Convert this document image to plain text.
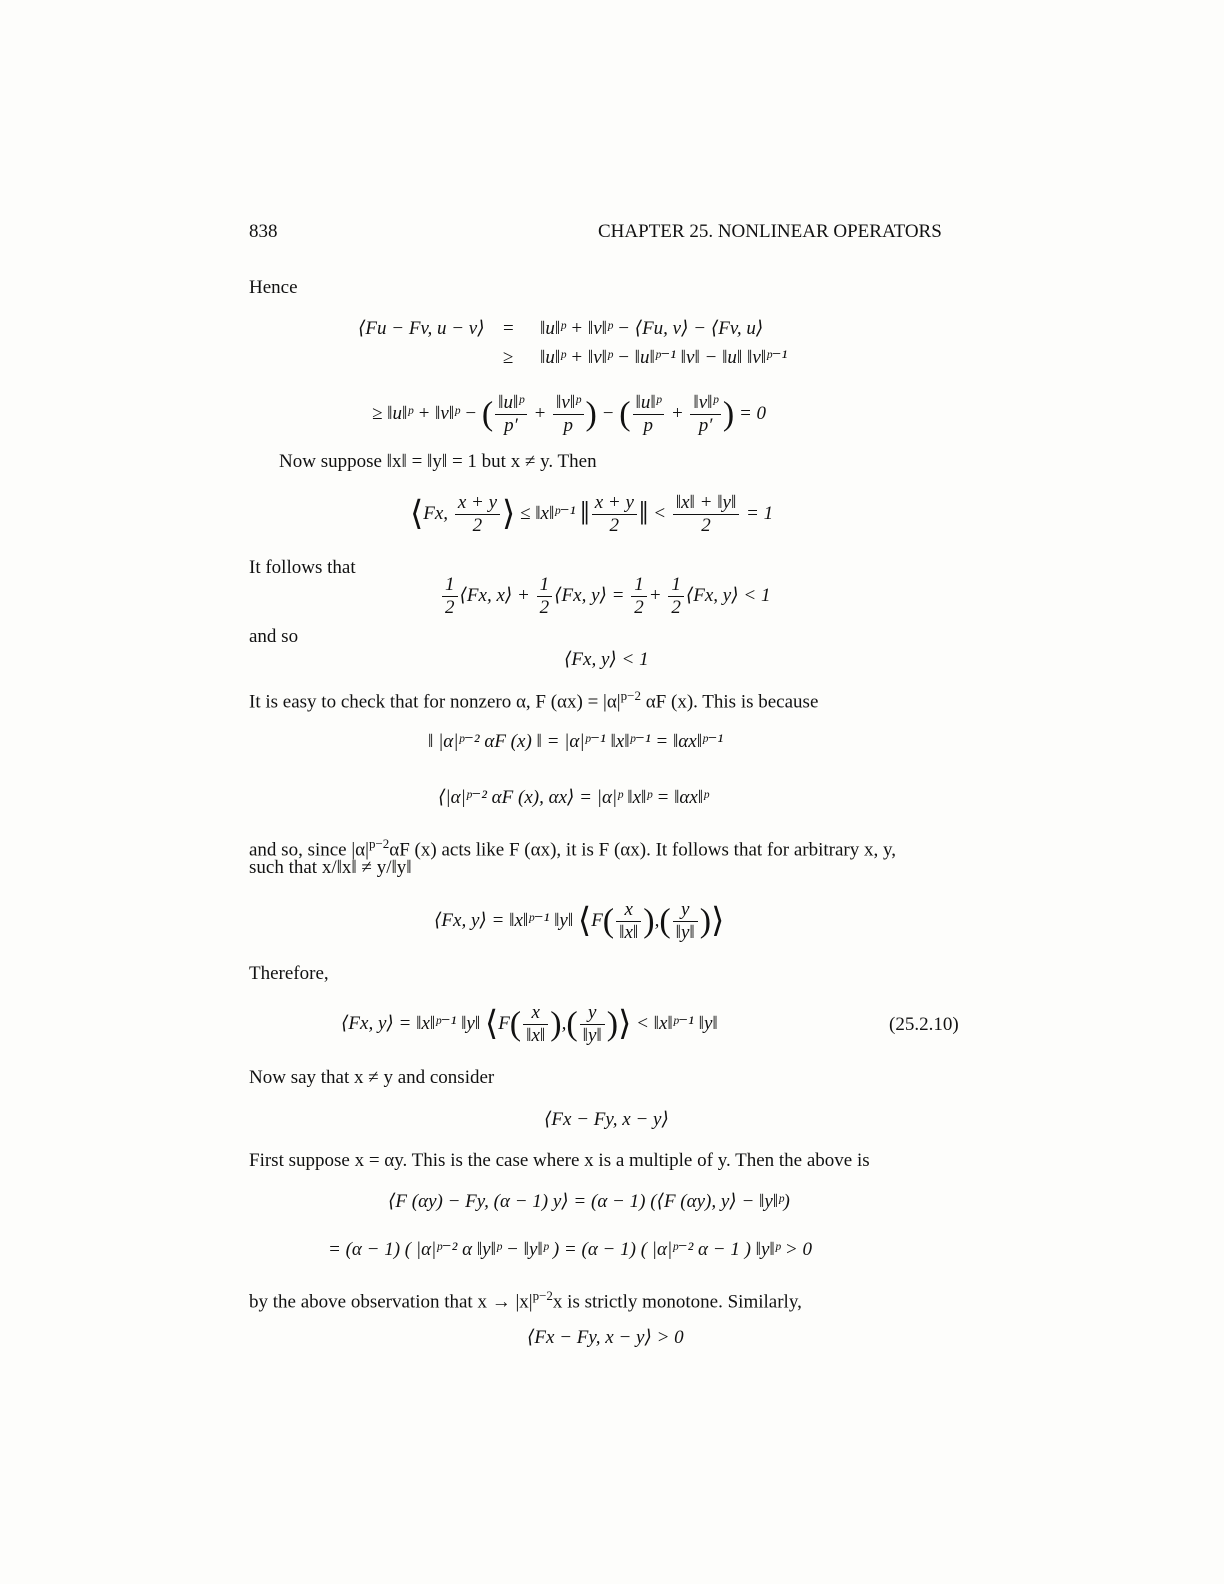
838	CHAPTER 25. NONLINEAR OPERATORS
Hence
⟨Fu − Fv, u − v⟩ = ‖u‖ᵖ + ‖v‖ᵖ − ⟨Fu, v⟩ − ⟨Fv, u⟩
≥ ‖u‖ᵖ + ‖v‖ᵖ − ‖u‖ᵖ⁻¹ ‖v‖ − ‖u‖ ‖v‖ᵖ⁻¹
≥ ‖u‖ᵖ + ‖v‖ᵖ − ( $\frac{\text{‖u‖ᵖ}}{p'} + \frac{\text{‖v‖ᵖ}}{p}$ ) − ( $\frac{\text{‖u‖ᵖ}}{p} + \frac{\text{‖v‖ᵖ}}{p'}$ ) = 0
Now suppose ‖x‖ = ‖y‖ = 1 but x ≠ y. Then
⟨Fx, $\frac{x + y}{2}$ ⟩ ≤ ‖x‖ᵖ⁻¹ ‖ $\frac{x + y}{2}$ ‖ < $\frac{‖x‖ + ‖y‖}{2} = 1$
It follows that
$\frac{1}{2}$ ⟨Fx, x⟩ + $\frac{1}{2}$ ⟨Fx, y⟩ = $\frac{1}{2} + \frac{1}{2}$ ⟨Fx, y⟩ < 1
and so
⟨Fx, y⟩ < 1
It is easy to check that for nonzero α, F $(\alpha x) = |\alpha|^{p-2}$ αF (x). This is because
‖ |α|ᵖ⁻² αF (x) ‖ = |α|ᵖ⁻¹ ‖x‖ᵖ⁻¹ = ‖αx‖ᵖ⁻¹
⟨|α|ᵖ⁻² αF (x), αx⟩ = |α|ᵖ ‖x‖ᵖ = ‖αx‖ᵖ
and so, since $|\alpha|^{p-2}\alpha F$ (x) acts like F (αx), it is F (αx). It follows that for arbitrary x, y,
such that x/‖x‖ ≠ y/‖y‖
⟨Fx, y⟩ = ‖x‖ᵖ⁻¹ ‖y‖ ⟨F( $\frac{x}{‖x‖}$ ),( $\frac{y}{‖y‖}$ )⟩
Therefore,
⟨Fx, y⟩ = ‖x‖ᵖ⁻¹ ‖y‖ ⟨F( $\frac{x}{‖x‖}$ ),( $\frac{y}{‖y‖}$ )⟩ < ‖x‖ᵖ⁻¹ ‖y‖	(25.2.10)
Now say that x ≠ y and consider
⟨Fx − Fy, x − y⟩
First suppose x = αy. This is the case where x is a multiple of y. Then the above is
⟨F (αy) − Fy, (α − 1) y⟩ = (α − 1) (⟨F (αy), y⟩ − ‖y‖ᵖ)
= (α − 1) ( |α|ᵖ⁻² α ‖y‖ᵖ − ‖y‖ᵖ ) = (α − 1) ( |α|ᵖ⁻² α − 1 ) ‖y‖ᵖ > 0
by the above observation that $x \to |x|^{p-2}x$ is strictly monotone. Similarly,
⟨Fx − Fy, x − y⟩ > 0
